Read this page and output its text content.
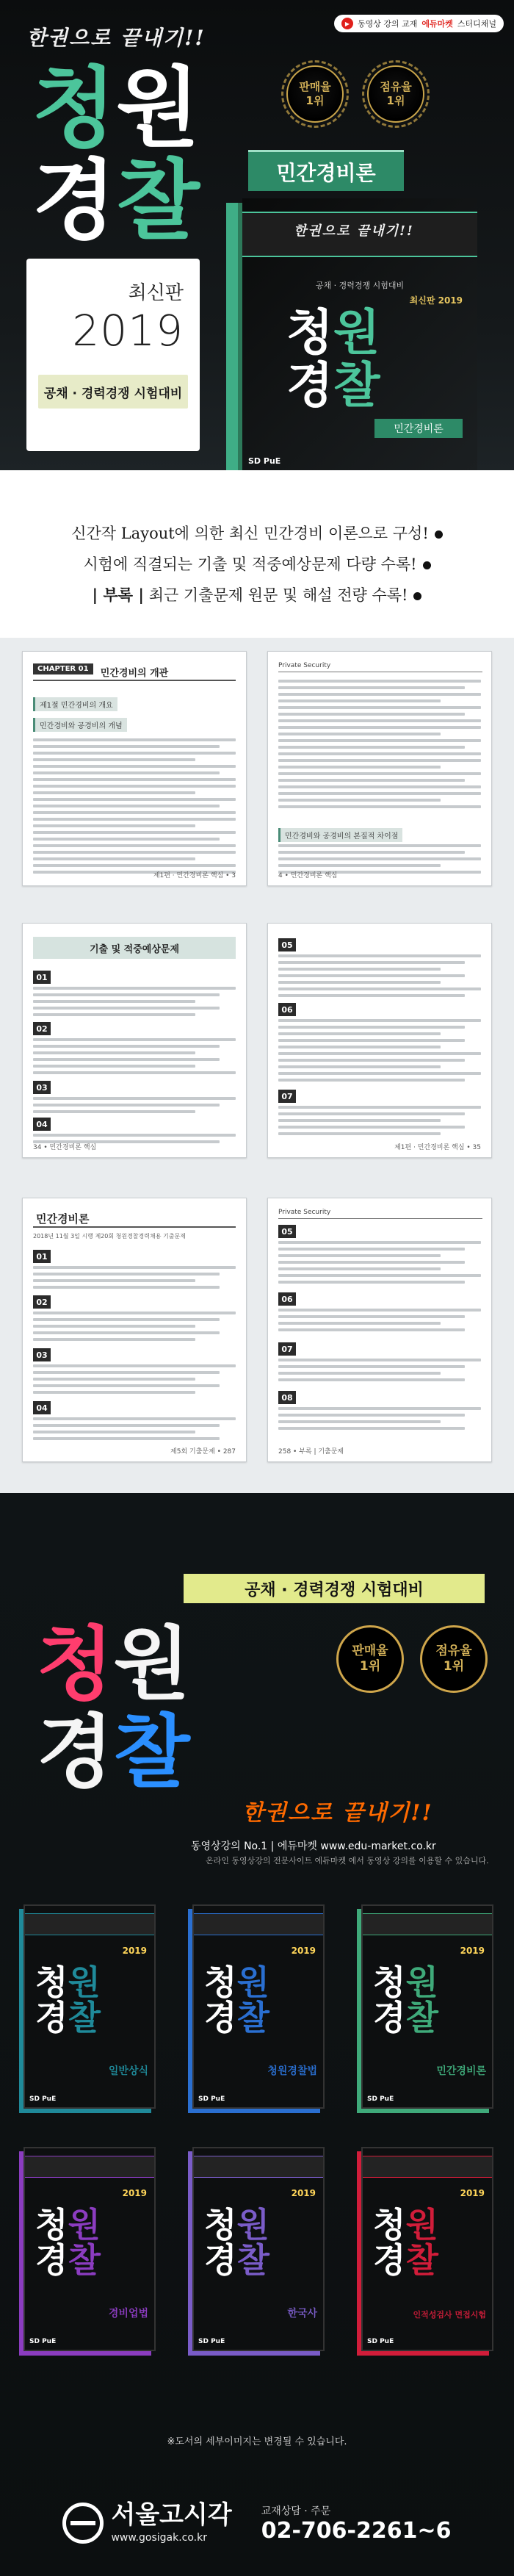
한권으로 끝내기!!
▶ 동영상 강의 교재 에듀마켓 스터디채널
청원
경찰
판매율
1위
점유율
1위
민간경비론
최신판
2019
공채 · 경력경쟁 시험대비
한권으로 끝내기!!
공채 · 경력경쟁 시험대비
최신판 2019
청원
경찰
민간경비론
SD PuE
신간작 Layout에 의한 최신 민간경비 이론으로 구성!
시험에 직결되는 기출 및 적중예상문제 다량 수록!
| 부록 | 최근 기출문제 원문 및 해설 전량 수록!
CHAPTER 01	민간경비의 개관
제1절 민간경비의 개요
민간경비와 공경비의 개념
제1편 · 민간경비론 핵심 • 3
Private Security
민간경비와 공경비의 본질적 차이점
4 • 민간경비론 핵심
기출 및 적중예상문제
01
02
03
04
34 • 민간경비론 핵심
05
06
07
제1편 · 민간경비론 핵심 • 35
민간경비론
2018년 11월 3일 시행 제20회 청원경찰경력채용 기출문제
01
02
03
04
제5회 기출문제 • 287
Private Security
05
06
07
08
258 • 부록 | 기출문제
공채 · 경력경쟁 시험대비
판매율
1위
점유율
1위
청원
경찰
한권으로 끝내기!!
동영상강의 No.1 | 에듀마켓 www.edu-market.co.kr
온라인 동영상강의 전문사이트 에듀마켓 에서 동영상 강의를 이용할 수 있습니다.
2019
청원
경찰
일반상식
SD PuE
2019
청원
경찰
청원경찰법
SD PuE
2019
청원
경찰
민간경비론
SD PuE
2019
청원
경찰
경비업법
SD PuE
2019
청원
경찰
한국사
SD PuE
2019
청원
경찰
인적성검사 면접시험
SD PuE
※도서의 세부이미지는 변경될 수 있습니다.
서울고시각
www.gosigak.co.kr
교재상담 · 주문
02-706-2261~6
